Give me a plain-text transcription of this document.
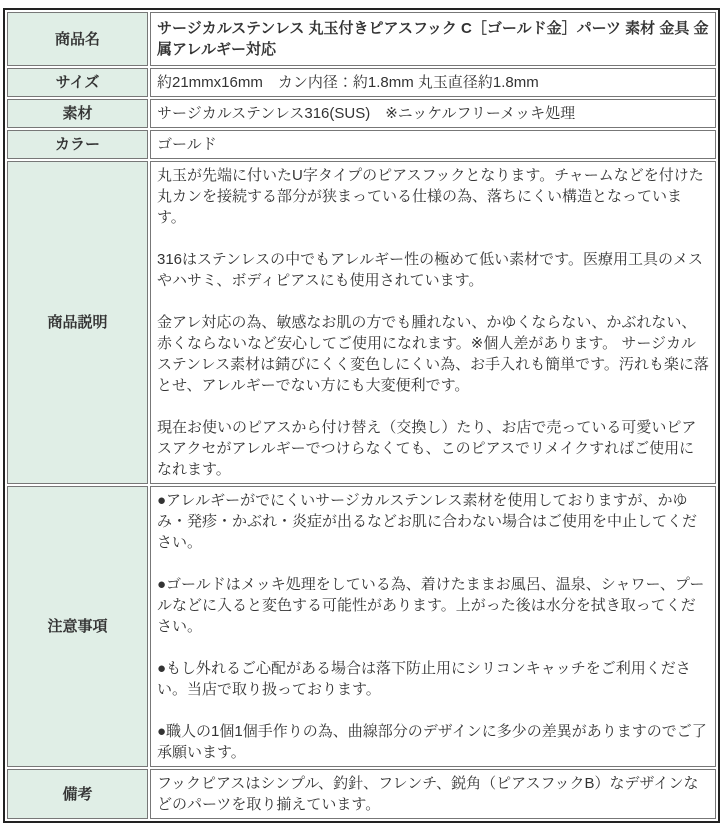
商品名	サージカルステンレス 丸玉付きピアスフック C［ゴールド金］パーツ 素材 金具 金属アレルギー対応

サイズ	約21mmx16mm　カン内径：約1.8mm 丸玉直径約1.8mm

素材	サージカルステンレス316(SUS)　※ニッケルフリーメッキ処理

カラー	ゴールド

商品説明	丸玉が先端に付いたU字タイプのピアスフックとなります。チャームなどを付けた丸カンを接続する部分が狭まっている仕様の為、落ちにくい構造となっています。

316はステンレスの中でもアレルギー性の極めて低い素材です。医療用工具のメスやハサミ、ボディピアスにも使用されています。

金アレ対応の為、敏感なお肌の方でも腫れない、かゆくならない、かぶれない、赤くならないなど安心してご使用になれます。※個人差があります。 サージカルステンレス素材は錆びにくく変色しにくい為、お手入れも簡単です。汚れも楽に落とせ、アレルギーでない方にも大変便利です。

現在お使いのピアスから付け替え（交換し）たり、お店で売っている可愛いピアスアクセがアレルギーでつけらなくても、このピアスでリメイクすればご使用になれます。

注意事項	●アレルギーがでにくいサージカルステンレス素材を使用しておりますが、かゆみ・発疹・かぶれ・炎症が出るなどお肌に合わない場合はご使用を中止してください。

●ゴールドはメッキ処理をしている為、着けたままお風呂、温泉、シャワー、プールなどに入ると変色する可能性があります。上がった後は水分を拭き取ってください。

●もし外れるご心配がある場合は落下防止用にシリコンキャッチをご利用ください。当店で取り扱っております。

●職人の1個1個手作りの為、曲線部分のデザインに多少の差異がありますのでご了承願います。

備考	フックピアスはシンプル、釣針、フレンチ、鋭角（ピアスフックB）なデザインなどのパーツを取り揃えています。
